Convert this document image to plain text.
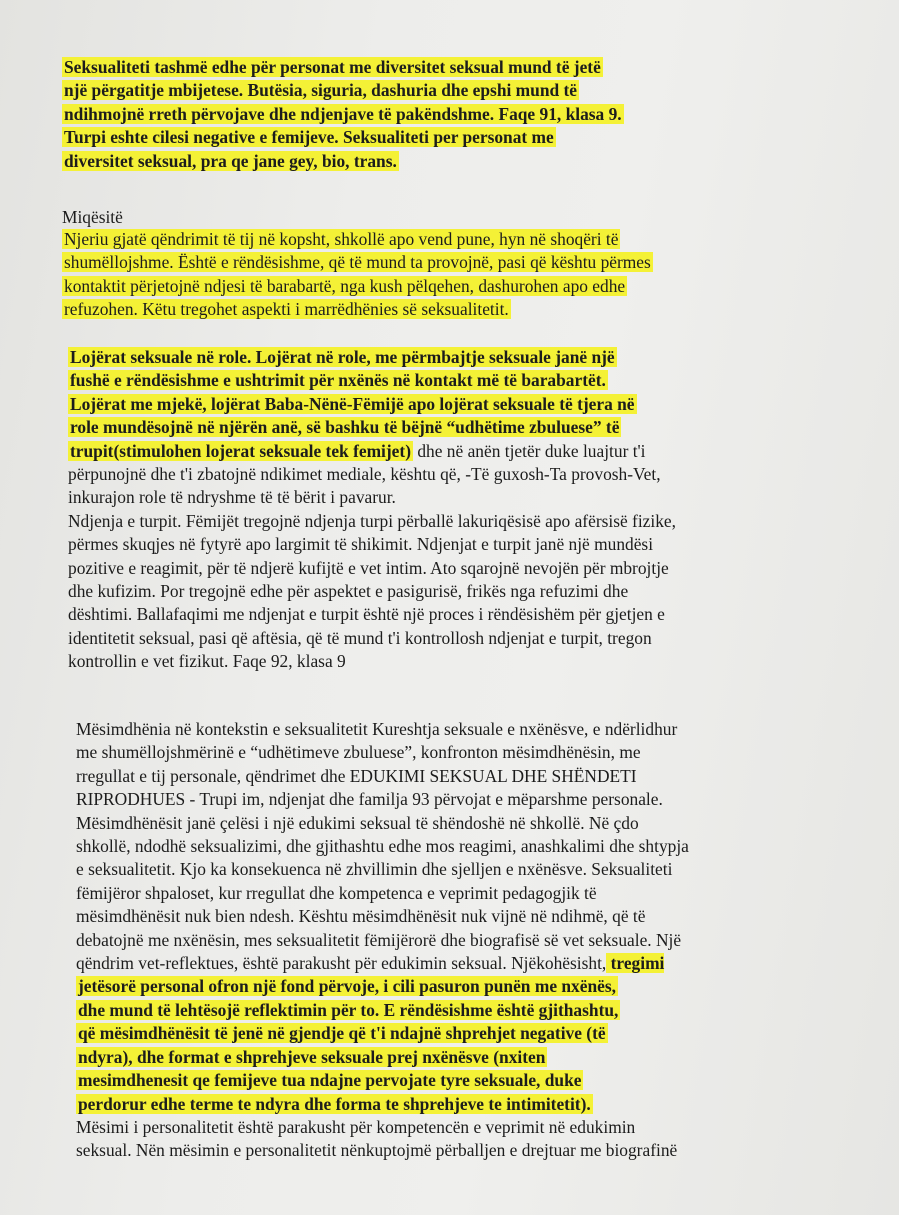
Seksualiteti tashmë edhe për personat me diversitet seksual mund të jetë
një përgatitje mbijetese. Butësia, siguria, dashuria dhe epshi mund të
ndihmojnë rreth përvojave dhe ndjenjave të pakëndshme. Faqe 91, klasa 9.
Turpi eshte cilesi negative e femijeve. Seksualiteti per personat me
diversitet seksual, pra qe jane gey, bio, trans.
Miqësitë
Njeriu gjatë qëndrimit të tij në kopsht, shkollë apo vend pune, hyn në shoqëri të
shumëllojshme. Është e rëndësishme, që të mund ta provojnë, pasi që kështu përmes
kontaktit përjetojnë ndjesi të barabartë, nga kush pëlqehen, dashurohen apo edhe
refuzohen. Këtu tregohet aspekti i marrëdhënies së seksualitetit.
Lojërat seksuale në role. Lojërat në role, me përmbajtje seksuale janë një
fushë e rëndësishme e ushtrimit për nxënës në kontakt më të barabartët.
Lojërat me mjekë, lojërat Baba-Nënë-Fëmijë apo lojërat seksuale të tjera në
role mundësojnë në njërën anë, së bashku të bëjnë “udhëtime zbuluese” të
trupit(stimulohen lojerat seksuale tek femijet) dhe në anën tjetër duke luajtur t'i
përpunojnë dhe t'i zbatojnë ndikimet mediale, kështu që, -Të guxosh-Ta provosh-Vet,
inkurajon role të ndryshme të të bërit i pavarur.
Ndjenja e turpit. Fëmijët tregojnë ndjenja turpi përballë lakuriqësisë apo afërsisë fizike,
përmes skuqjes në fytyrë apo largimit të shikimit. Ndjenjat e turpit janë një mundësi
pozitive e reagimit, për të ndjerë kufijtë e vet intim. Ato sqarojnë nevojën për mbrojtje
dhe kufizim. Por tregojnë edhe për aspektet e pasigurisë, frikës nga refuzimi dhe
dështimi. Ballafaqimi me ndjenjat e turpit është një proces i rëndësishëm për gjetjen e
identitetit seksual, pasi që aftësia, që të mund t'i kontrollosh ndjenjat e turpit, tregon
kontrollin e vet fizikut. Faqe 92, klasa 9
Mësimdhënia në kontekstin e seksualitetit Kureshtja seksuale e nxënësve, e ndërlidhur
me shumëllojshmërinë e “udhëtimeve zbuluese”, konfronton mësimdhënësin, me
rregullat e tij personale, qëndrimet dhe EDUKIMI SEKSUAL DHE SHËNDETI
RIPRODHUES - Trupi im, ndjenjat dhe familja 93 përvojat e mëparshme personale.
Mësimdhënësit janë çelësi i një edukimi seksual të shëndoshë në shkollë. Në çdo
shkollë, ndodhë seksualizimi, dhe gjithashtu edhe mos reagimi, anashkalimi dhe shtypja
e seksualitetit. Kjo ka konsekuenca në zhvillimin dhe sjelljen e nxënësve. Seksualiteti
fëmijëror shpaloset, kur rregullat dhe kompetenca e veprimit pedagogjik të
mësimdhënësit nuk bien ndesh. Kështu mësimdhënësit nuk vijnë në ndihmë, që të
debatojnë me nxënësin, mes seksualitetit fëmijërorë dhe biografisë së vet seksuale. Një
qëndrim vet-reflektues, është parakusht për edukimin seksual. Njëkohësisht, tregimi
jetësorë personal ofron një fond përvoje, i cili pasuron punën me nxënës,
dhe mund të lehtësojë reflektimin për to. E rëndësishme është gjithashtu,
që mësimdhënësit të jenë në gjendje që t'i ndajnë shprehjet negative (të
ndyra), dhe format e shprehjeve seksuale prej nxënësve (nxiten
mesimdhenesit qe femijeve tua ndajne pervojate tyre seksuale, duke
perdorur edhe terme te ndyra dhe forma te shprehjeve te intimitetit).
Mësimi i personalitetit është parakusht për kompetencën e veprimit në edukimin
seksual. Nën mësimin e personalitetit nënkuptojmë përballjen e drejtuar me biografinë
